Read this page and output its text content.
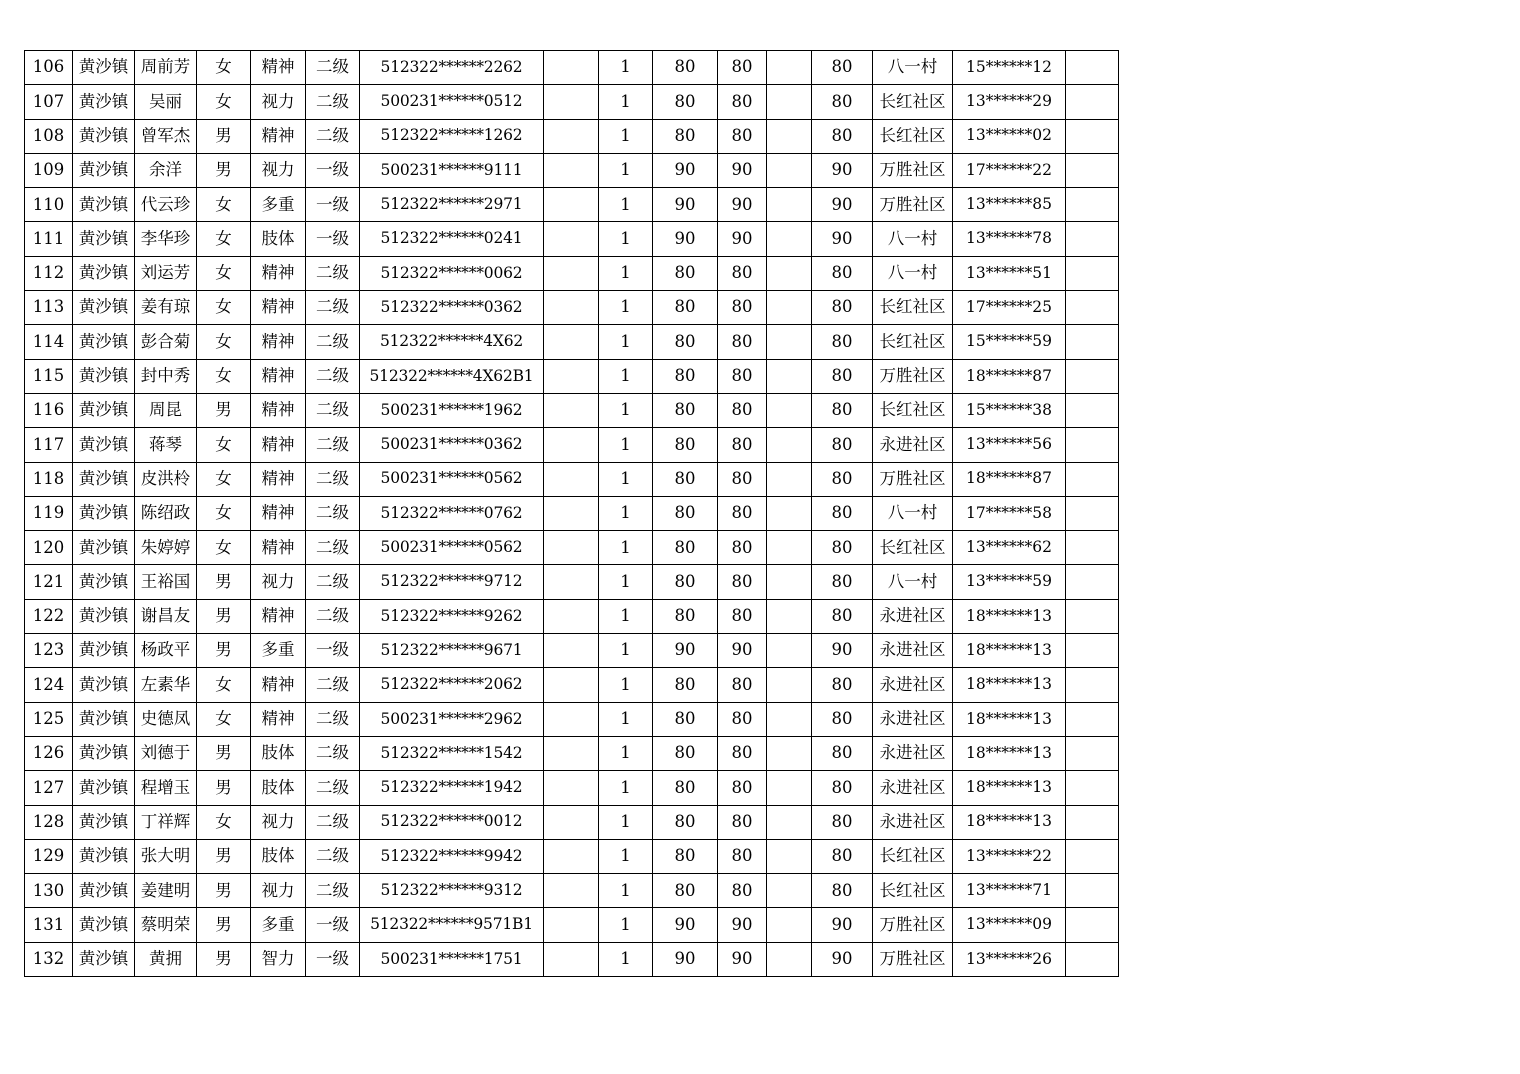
106	黄沙镇	周前芳	女	精神	二级	512322******2262		1	80	80		80	八一村	15******12	
107	黄沙镇	吴丽	女	视力	二级	500231******0512		1	80	80		80	长红社区	13******29	
108	黄沙镇	曾军杰	男	精神	二级	512322******1262		1	80	80		80	长红社区	13******02	
109	黄沙镇	余洋	男	视力	一级	500231******9111		1	90	90		90	万胜社区	17******22	
110	黄沙镇	代云珍	女	多重	一级	512322******2971		1	90	90		90	万胜社区	13******85	
111	黄沙镇	李华珍	女	肢体	一级	512322******0241		1	90	90		90	八一村	13******78	
112	黄沙镇	刘运芳	女	精神	二级	512322******0062		1	80	80		80	八一村	13******51	
113	黄沙镇	姜有琼	女	精神	二级	512322******0362		1	80	80		80	长红社区	17******25	
114	黄沙镇	彭合菊	女	精神	二级	512322******4X62		1	80	80		80	长红社区	15******59	
115	黄沙镇	封中秀	女	精神	二级	512322******4X62B1		1	80	80		80	万胜社区	18******87	
116	黄沙镇	周昆	男	精神	二级	500231******1962		1	80	80		80	长红社区	15******38	
117	黄沙镇	蒋琴	女	精神	二级	500231******0362		1	80	80		80	永进社区	13******56	
118	黄沙镇	皮洪柃	女	精神	二级	500231******0562		1	80	80		80	万胜社区	18******87	
119	黄沙镇	陈绍政	女	精神	二级	512322******0762		1	80	80		80	八一村	17******58	
120	黄沙镇	朱婷婷	女	精神	二级	500231******0562		1	80	80		80	长红社区	13******62	
121	黄沙镇	王裕国	男	视力	二级	512322******9712		1	80	80		80	八一村	13******59	
122	黄沙镇	谢昌友	男	精神	二级	512322******9262		1	80	80		80	永进社区	18******13	
123	黄沙镇	杨政平	男	多重	一级	512322******9671		1	90	90		90	永进社区	18******13	
124	黄沙镇	左素华	女	精神	二级	512322******2062		1	80	80		80	永进社区	18******13	
125	黄沙镇	史德凤	女	精神	二级	500231******2962		1	80	80		80	永进社区	18******13	
126	黄沙镇	刘德于	男	肢体	二级	512322******1542		1	80	80		80	永进社区	18******13	
127	黄沙镇	程增玉	男	肢体	二级	512322******1942		1	80	80		80	永进社区	18******13	
128	黄沙镇	丁祥辉	女	视力	二级	512322******0012		1	80	80		80	永进社区	18******13	
129	黄沙镇	张大明	男	肢体	二级	512322******9942		1	80	80		80	长红社区	13******22	
130	黄沙镇	姜建明	男	视力	二级	512322******9312		1	80	80		80	长红社区	13******71	
131	黄沙镇	蔡明荣	男	多重	一级	512322******9571B1		1	90	90		90	万胜社区	13******09	
132	黄沙镇	黄拥	男	智力	一级	500231******1751		1	90	90		90	万胜社区	13******26	
